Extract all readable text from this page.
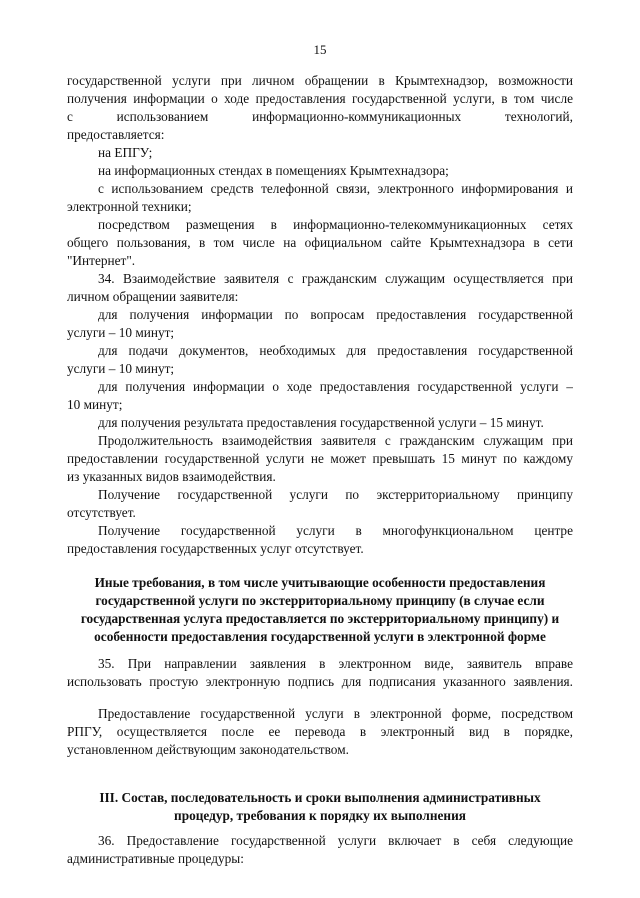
15
государственной услуги при личном обращении в Крымтехнадзор, возможности
получения информации о ходе предоставления государственной услуги, в том числе
с использованием информационно-коммуникационных технологий,
предоставляется:
на ЕПГУ;
на информационных стендах в помещениях Крымтехнадзора;
с использованием средств телефонной связи, электронного информирования и
электронной техники;
посредством размещения в информационно-телекоммуникационных сетях
общего пользования, в том числе на официальном сайте Крымтехнадзора в сети
"Интернет".
34. Взаимодействие заявителя с гражданским служащим осуществляется при
личном обращении заявителя:
для получения информации по вопросам предоставления государственной
услуги – 10 минут;
для подачи документов, необходимых для предоставления государственной
услуги – 10 минут;
для получения информации о ходе предоставления государственной услуги –
10 минут;
для получения результата предоставления государственной услуги – 15 минут.
Продолжительность взаимодействия заявителя с гражданским служащим при
предоставлении государственной услуги не может превышать 15 минут по каждому
из указанных видов взаимодействия.
Получение государственной услуги по экстерриториальному принципу
отсутствует.
Получение государственной услуги в многофункциональном центре
предоставления государственных услуг отсутствует.
Иные требования, в том числе учитывающие особенности предоставления
государственной услуги по экстерриториальному принципу (в случае если
государственная услуга предоставляется по экстерриториальному принципу) и
особенности предоставления государственной услуги в электронной форме
35. При направлении заявления в электронном виде, заявитель вправе
использовать простую электронную подпись для подписания указанного заявления.
Предоставление государственной услуги в электронной форме, посредством
РПГУ, осуществляется после ее перевода в электронный вид в порядке,
установленном действующим законодательством.
III. Состав, последовательность и сроки выполнения административных
процедур, требования к порядку их выполнения
36. Предоставление государственной услуги включает в себя следующие
административные процедуры:
